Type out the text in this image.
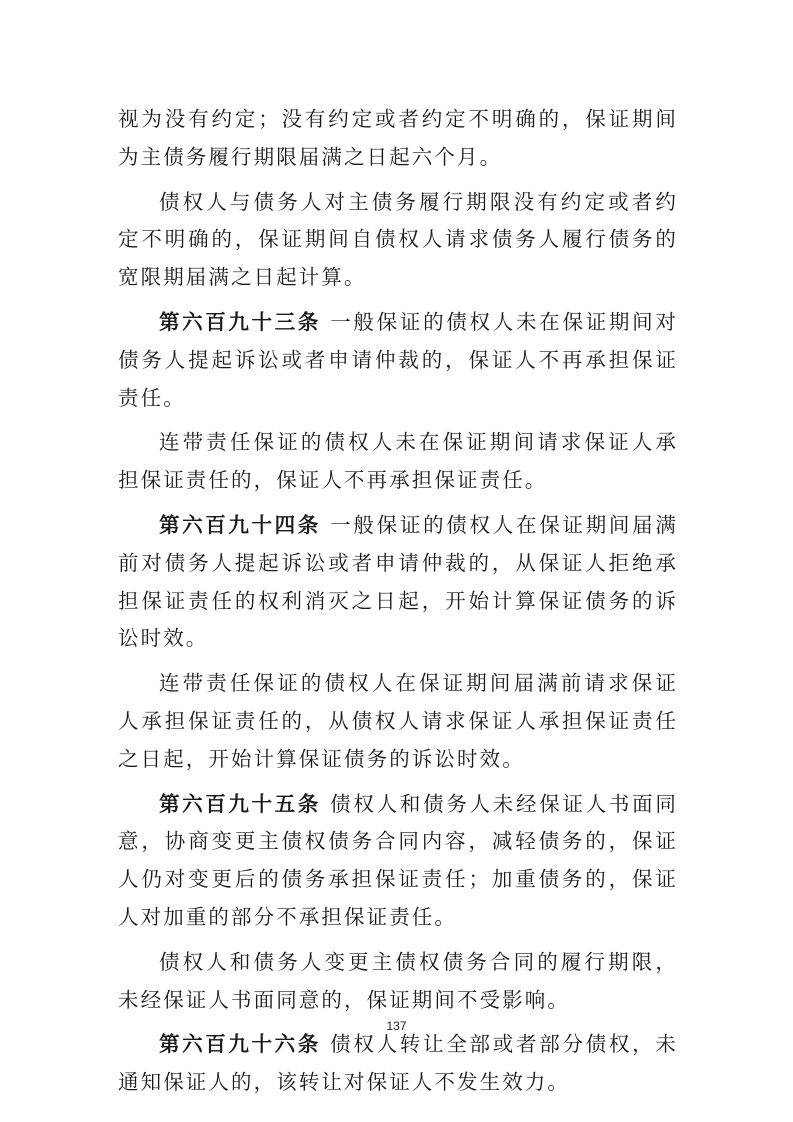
视为没有约定；没有约定或者约定不明确的，保证期间为主债务履行期限届满之日起六个月。

债权人与债务人对主债务履行期限没有约定或者约定不明确的，保证期间自债权人请求债务人履行债务的宽限期届满之日起计算。

第六百九十三条 一般保证的债权人未在保证期间对债务人提起诉讼或者申请仲裁的，保证人不再承担保证责任。

连带责任保证的债权人未在保证期间请求保证人承担保证责任的，保证人不再承担保证责任。

第六百九十四条 一般保证的债权人在保证期间届满前对债务人提起诉讼或者申请仲裁的，从保证人拒绝承担保证责任的权利消灭之日起，开始计算保证债务的诉讼时效。

连带责任保证的债权人在保证期间届满前请求保证人承担保证责任的，从债权人请求保证人承担保证责任之日起，开始计算保证债务的诉讼时效。

第六百九十五条 债权人和债务人未经保证人书面同意，协商变更主债权债务合同内容，减轻债务的，保证人仍对变更后的债务承担保证责任；加重债务的，保证人对加重的部分不承担保证责任。

债权人和债务人变更主债权债务合同的履行期限，未经保证人书面同意的，保证期间不受影响。

第六百九十六条 债权人转让全部或者部分债权，未通知保证人的，该转让对保证人不发生效力。

137
